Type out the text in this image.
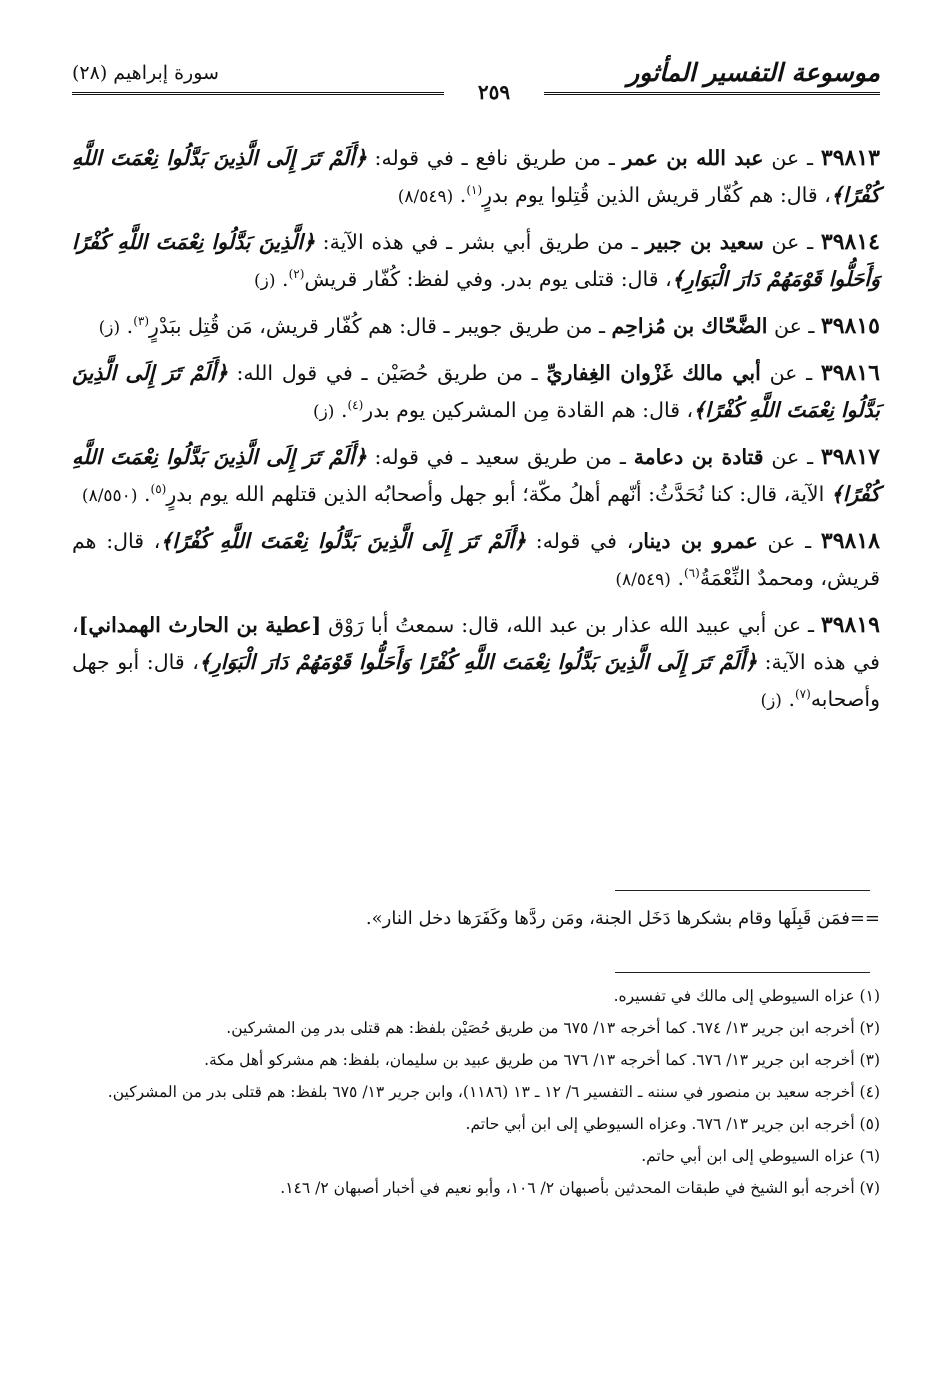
موسوعة التفسير المأثور
٢٥٩
سورة إبراهيم (٢٨)

٣٩٨١٣ ـ عن عبد الله بن عمر ـ من طريق نافع ـ في قوله: ﴿أَلَمْ تَرَ إِلَى الَّذِينَ بَدَّلُوا نِعْمَتَ اللَّهِ كُفْرًا﴾، قال: هم كُفّار قريش الذين قُتِلوا يوم بدرٍ$^{(١)}$. (٨/٥٤٩)

٣٩٨١٤ ـ عن سعيد بن جبير ـ من طريق أبي بشر ـ في هذه الآية: ﴿الَّذِينَ بَدَّلُوا نِعْمَتَ اللَّهِ كُفْرًا وَأَحَلُّوا قَوْمَهُمْ دَارَ الْبَوَارِ﴾، قال: قتلى يوم بدر. وفي لفظ: كُفّار قريش$^{(٢)}$. (ز)

٣٩٨١٥ ـ عن الضَّحّاك بن مُزاحِم ـ من طريق جويبر ـ قال: هم كُفّار قريش، مَن قُتِل ببَدْرٍ$^{(٣)}$. (ز)

٣٩٨١٦ ـ عن أبي مالك غَزْوان الغِفاريِّ ـ من طريق حُصَيْن ـ في قول الله: ﴿أَلَمْ تَرَ إِلَى الَّذِينَ بَدَّلُوا نِعْمَتَ اللَّهِ كُفْرًا﴾، قال: هم القادة مِن المشركين يوم بدر$^{(٤)}$. (ز)

٣٩٨١٧ ـ عن قتادة بن دعامة ـ من طريق سعيد ـ في قوله: ﴿أَلَمْ تَرَ إِلَى الَّذِينَ بَدَّلُوا نِعْمَتَ اللَّهِ كُفْرًا﴾ الآية، قال: كنا نُحَدَّثُ: أنّهم أهلُ مكّة؛ أبو جهل وأصحابُه الذين قتلهم الله يوم بدرٍ$^{(٥)}$. (٨/٥٥٠)

٣٩٨١٨ ـ عن عمرو بن دينار، في قوله: ﴿أَلَمْ تَرَ إِلَى الَّذِينَ بَدَّلُوا نِعْمَتَ اللَّهِ كُفْرًا﴾، قال: هم قريش، ومحمدٌ النِّعْمَةُ$^{(٦)}$. (٨/٥٤٩)

٣٩٨١٩ ـ عن أبي عبيد الله عذار بن عبد الله، قال: سمعتُ أبا رَوْق [عطية بن الحارث الهمداني]، في هذه الآية: ﴿أَلَمْ تَرَ إِلَى الَّذِينَ بَدَّلُوا نِعْمَتَ اللَّهِ كُفْرًا وَأَحَلُّوا قَوْمَهُمْ دَارَ الْبَوَارِ﴾، قال: أبو جهل وأصحابه$^{(٧)}$. (ز)

==فمَن قَبِلَها وقام بشكرها دَخَل الجنة، ومَن ردَّها وكَفَرَها دخل النار».

(١) عزاه السيوطي إلى مالك في تفسيره.

(٢) أخرجه ابن جرير ١٣/ ٦٧٤. كما أخرجه ١٣/ ٦٧٥ من طريق حُصَيْن بلفظ: هم قتلى بدر مِن المشركين.

(٣) أخرجه ابن جرير ١٣/ ٦٧٦. كما أخرجه ١٣/ ٦٧٦ من طريق عبيد بن سليمان، بلفظ: هم مشركو أهل مكة.

(٤) أخرجه سعيد بن منصور في سننه ـ التفسير ٦/ ١٢ ـ ١٣ (١١٨٦)، وابن جرير ١٣/ ٦٧٥ بلفظ: هم قتلى بدر من المشركين.

(٥) أخرجه ابن جرير ١٣/ ٦٧٦. وعزاه السيوطي إلى ابن أبي حاتم.

(٦) عزاه السيوطي إلى ابن أبي حاتم.

(٧) أخرجه أبو الشيخ في طبقات المحدثين بأصبهان ٢/ ١٠٦، وأبو نعيم في أخبار أصبهان ٢/ ١٤٦.
